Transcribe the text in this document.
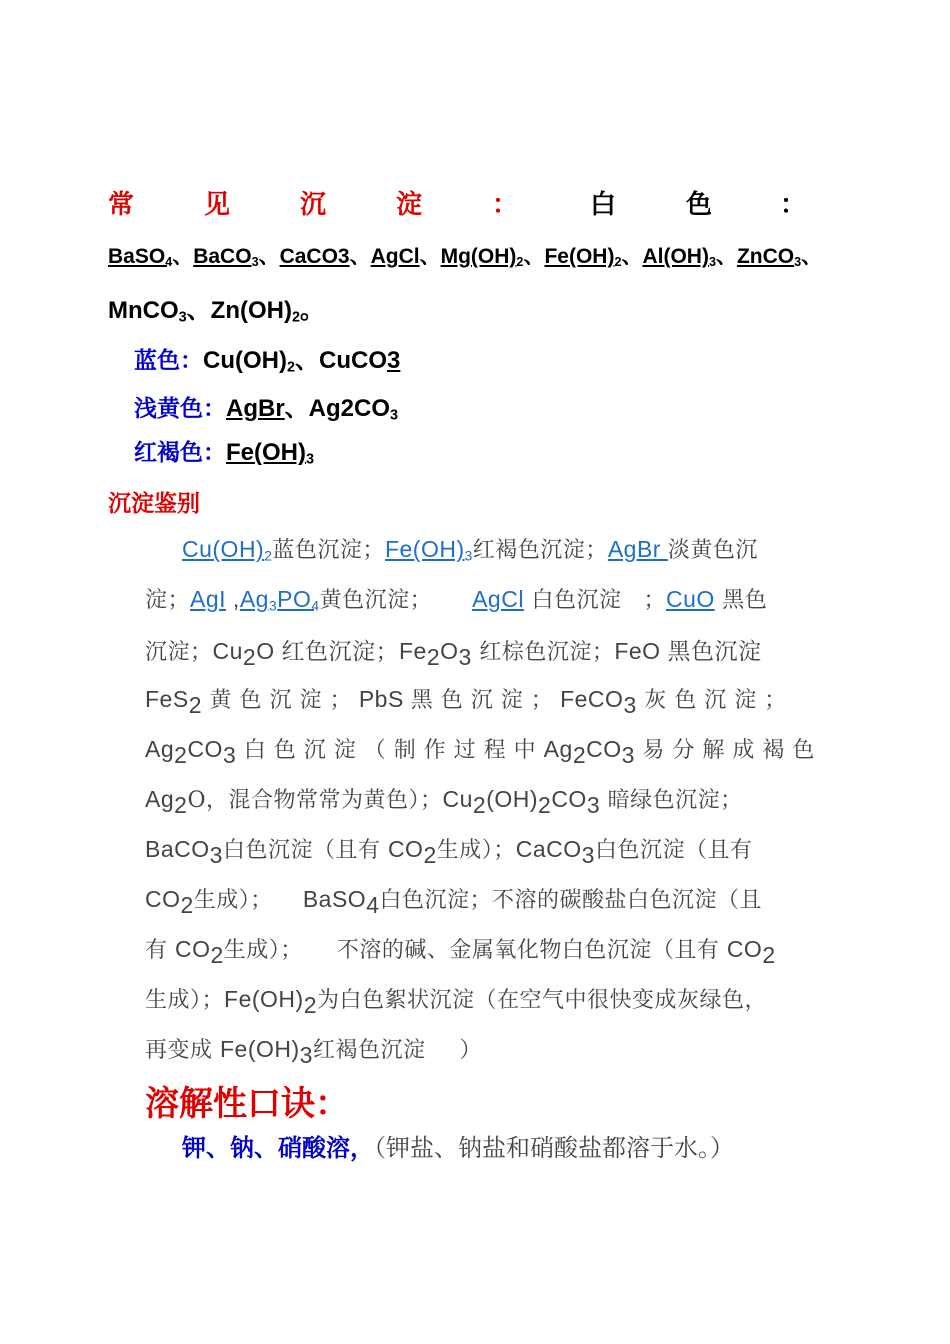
常	见	沉	淀	：	白	色	：
BaSO$_4$、BaCO$_3$、CaCO3、AgCl、$Mg(OH)_2$、$Fe(OH)_2$、$Al(OH)_3$、ZnCO$_3$、
MnCO$_3$、$Zn(OH)_2$。
蓝色：$Cu(OH)_2$、CuCO3
浅黄色：AgBr、$Ag2CO_3$
红褐色：$Fe(OH)_3$
沉淀鉴别
$Cu(OH)_2$蓝色沉淀；$Fe(OH)_3$红褐色沉淀；AgBr 淡黄色沉
淀；AgI $,Ag_3PO_4$黄色沉淀； AgCl 白色沉淀 ；CuO 黑色
沉淀；$Cu_2O$ 红色沉淀；$Fe_2O_3$ 红棕色沉淀；FeO 黑色沉淀
FeS$_2$ 黄 色 沉 淀 ； PbS 黑 色 沉 淀 ； FeCO$_3$ 灰 色 沉 淀 ；
$Ag_2CO_3$ 白 色 沉 淀 （ 制 作 过 程 中 $Ag_2CO_3$ 易 分 解 成 褐 色
$Ag_2O$，混合物常常为黄色）；$Cu_2(OH)_2CO_3$ 暗绿色沉淀；
BaCO$_3$白色沉淀（且有 $CO_2$生成）；CaCO$_3$白色沉淀（且有
$CO_2$生成）； BaSO$_4$白色沉淀；不溶的碳酸盐白色沉淀（且
有 $CO_2$生成）； 不溶的碱、金属氧化物白色沉淀（且有 $CO_2$
生成）；$Fe(OH)_2$为白色絮状沉淀（在空气中很快变成灰绿色，
再变成 $Fe(OH)_3$红褐色沉淀 ）
溶解性口诀：
钾、钠、硝酸溶，（钾盐、钠盐和硝酸盐都溶于水。）
